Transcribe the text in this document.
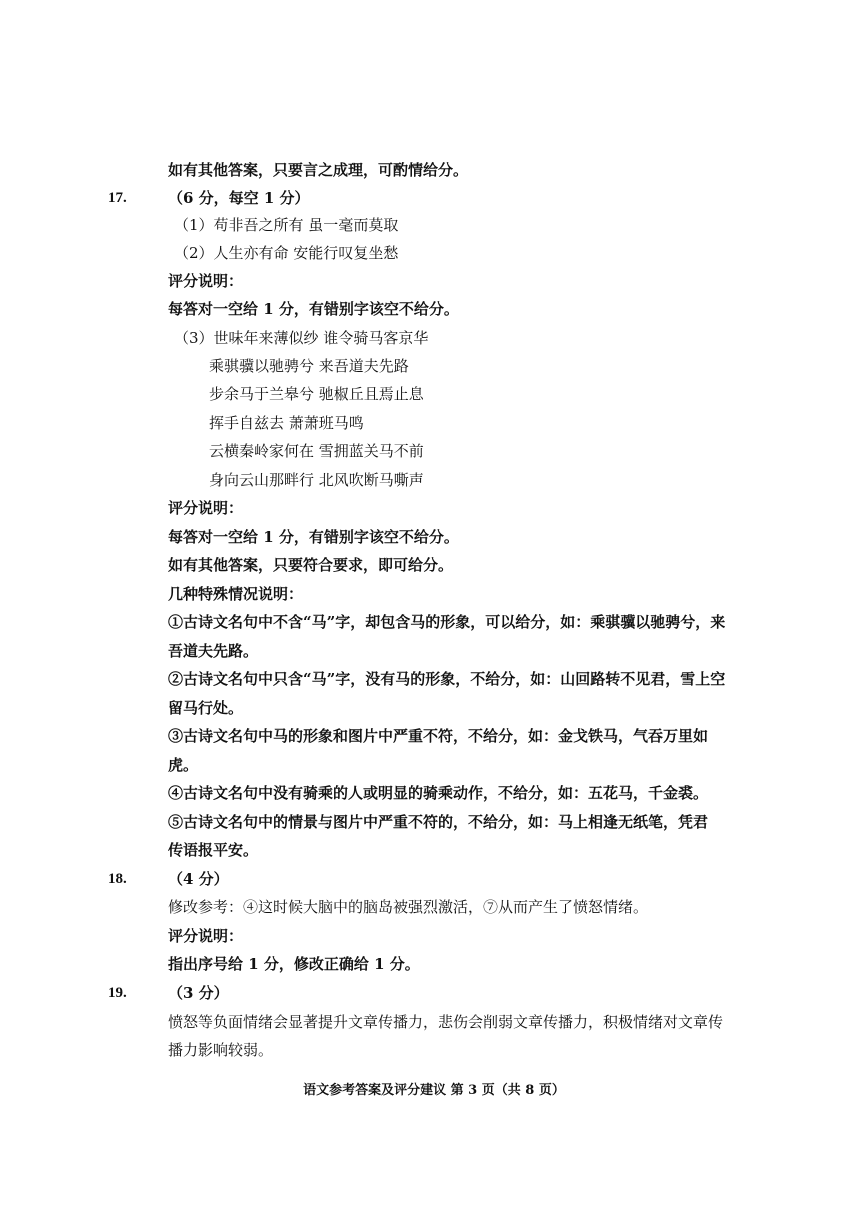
如有其他答案，只要言之成理，可酌情给分。
17.	（6 分，每空 1 分）
（1）苟非吾之所有 虽一毫而莫取
（2）人生亦有命 安能行叹复坐愁
评分说明：
每答对一空给 1 分，有错别字该空不给分。
（3）世味年来薄似纱 谁令骑马客京华
乘骐骥以驰骋兮 来吾道夫先路
步余马于兰皋兮 驰椒丘且焉止息
挥手自兹去 萧萧班马鸣
云横秦岭家何在 雪拥蓝关马不前
身向云山那畔行 北风吹断马嘶声
评分说明：
每答对一空给 1 分，有错别字该空不给分。
如有其他答案，只要符合要求，即可给分。
几种特殊情况说明：
①古诗文名句中不含“马”字，却包含马的形象，可以给分，如：乘骐骥以驰骋兮，来
吾道夫先路。
②古诗文名句中只含“马”字，没有马的形象，不给分，如：山回路转不见君，雪上空
留马行处。
③古诗文名句中马的形象和图片中严重不符，不给分，如：金戈铁马，气吞万里如
虎。
④古诗文名句中没有骑乘的人或明显的骑乘动作，不给分，如：五花马，千金裘。
⑤古诗文名句中的情景与图片中严重不符的，不给分，如：马上相逢无纸笔，凭君
传语报平安。
18.	（4 分）
修改参考：④这时候大脑中的脑岛被强烈激活，⑦从而产生了愤怒情绪。
评分说明：
指出序号给 1 分，修改正确给 1 分。
19.	（3 分）
愤怒等负面情绪会显著提升文章传播力，悲伤会削弱文章传播力，积极情绪对文章传
播力影响较弱。
语文参考答案及评分建议 第 3 页（共 8 页）
